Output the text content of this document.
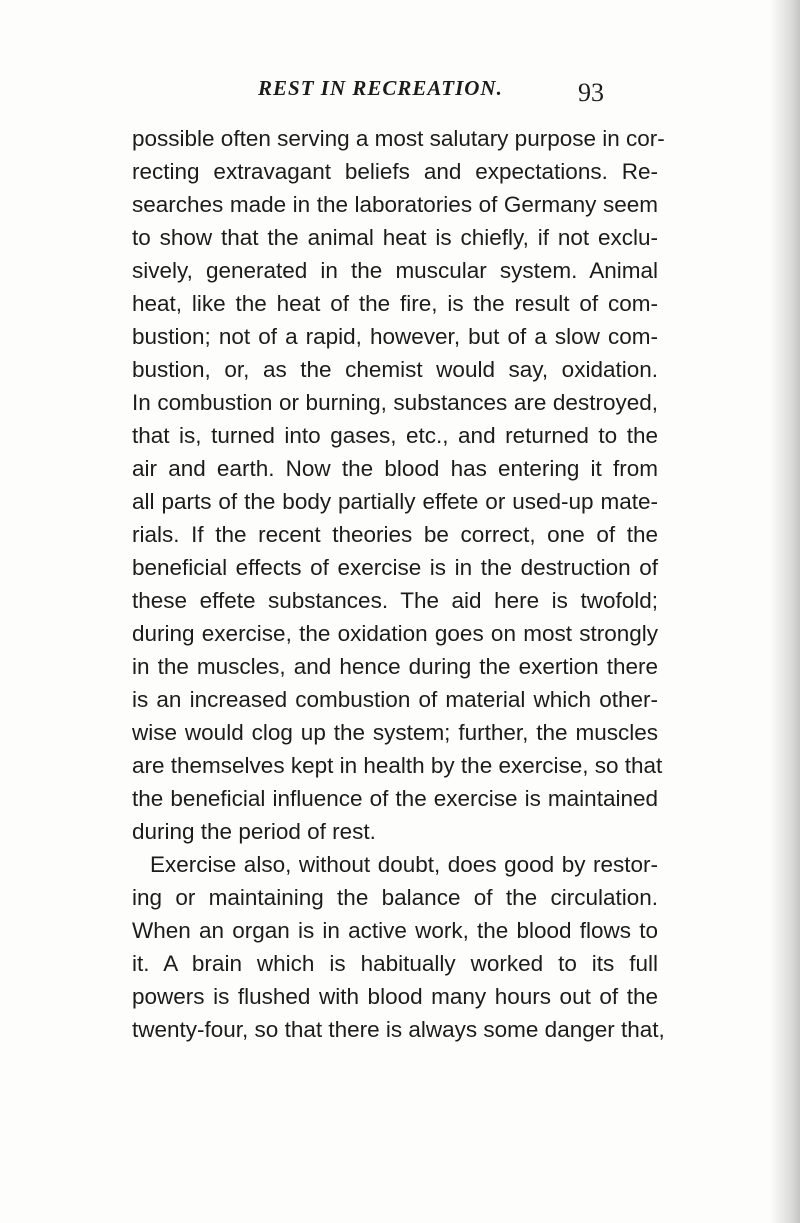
REST IN RECREATION.	93
possible often serving a most salutary purpose in cor-
recting extravagant beliefs and expectations. Re-
searches made in the laboratories of Germany seem
to show that the animal heat is chiefly, if not exclu-
sively, generated in the muscular system. Animal
heat, like the heat of the fire, is the result of com-
bustion; not of a rapid, however, but of a slow com-
bustion, or, as the chemist would say, oxidation.
In combustion or burning, substances are destroyed,
that is, turned into gases, etc., and returned to the
air and earth. Now the blood has entering it from
all parts of the body partially effete or used-up mate-
rials. If the recent theories be correct, one of the
beneficial effects of exercise is in the destruction of
these effete substances. The aid here is twofold;
during exercise, the oxidation goes on most strongly
in the muscles, and hence during the exertion there
is an increased combustion of material which other-
wise would clog up the system; further, the muscles
are themselves kept in health by the exercise, so that
the beneficial influence of the exercise is maintained
during the period of rest.
Exercise also, without doubt, does good by restor-
ing or maintaining the balance of the circulation.
When an organ is in active work, the blood flows to
it. A brain which is habitually worked to its full
powers is flushed with blood many hours out of the
twenty-four, so that there is always some danger that,
